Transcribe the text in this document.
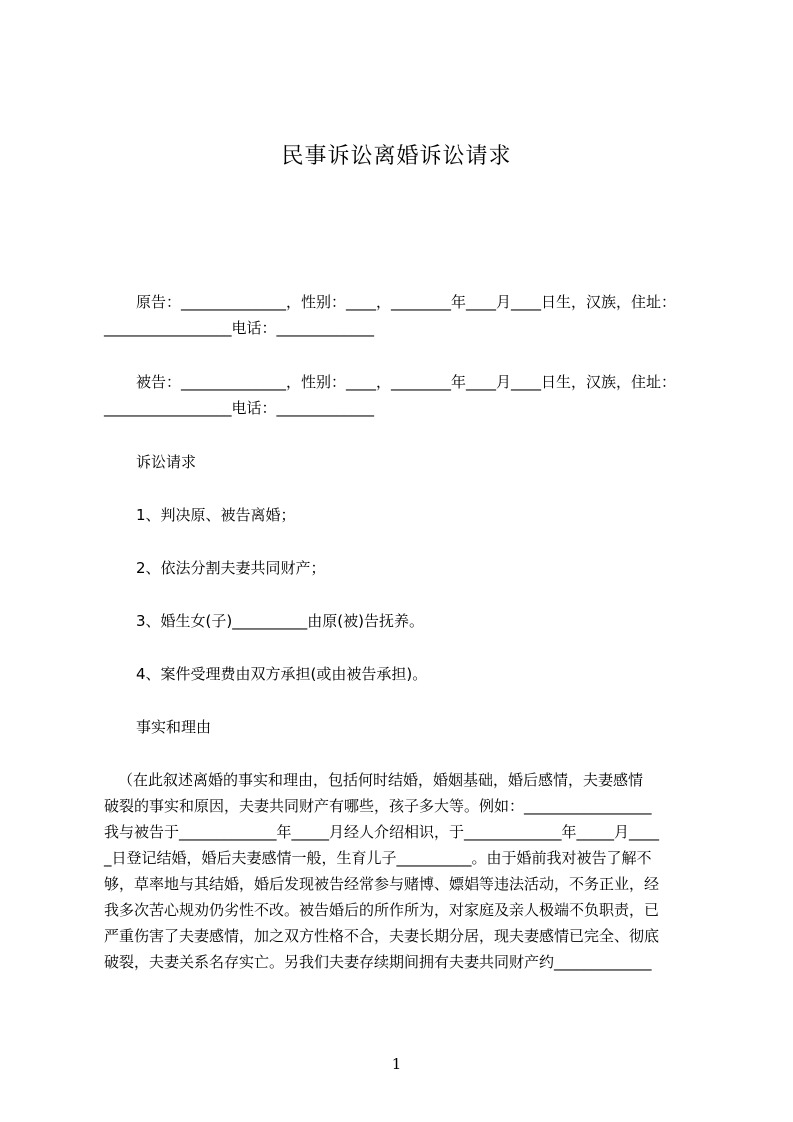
民事诉讼离婚诉讼请求
原告：______________，性别：____，________年____月____日生，汉族，住址：
_________________电话：_____________
被告：______________，性别：____，________年____月____日生，汉族，住址：
_________________电话：_____________
诉讼请求
1、判决原、被告离婚；
2、依法分割夫妻共同财产；
3、婚生女(子)__________由原(被)告抚养。
4、案件受理费由双方承担(或由被告承担)。
事实和理由
（在此叙述离婚的事实和理由，包括何时结婚，婚姻基础，婚后感情，夫妻感情
破裂的事实和原因，夫妻共同财产有哪些，孩子多大等。例如：_________________
我与被告于_____________年_____月经人介绍相识，于_____________年_____月____
_日登记结婚，婚后夫妻感情一般，生育儿子__________。由于婚前我对被告了解不
够，草率地与其结婚，婚后发现被告经常参与赌博、嫖娼等违法活动，不务正业，经
我多次苦心规劝仍劣性不改。被告婚后的所作所为，对家庭及亲人极端不负职责，已
严重伤害了夫妻感情，加之双方性格不合，夫妻长期分居，现夫妻感情已完全、彻底
破裂，夫妻关系名存实亡。另我们夫妻存续期间拥有夫妻共同财产约_____________
1
